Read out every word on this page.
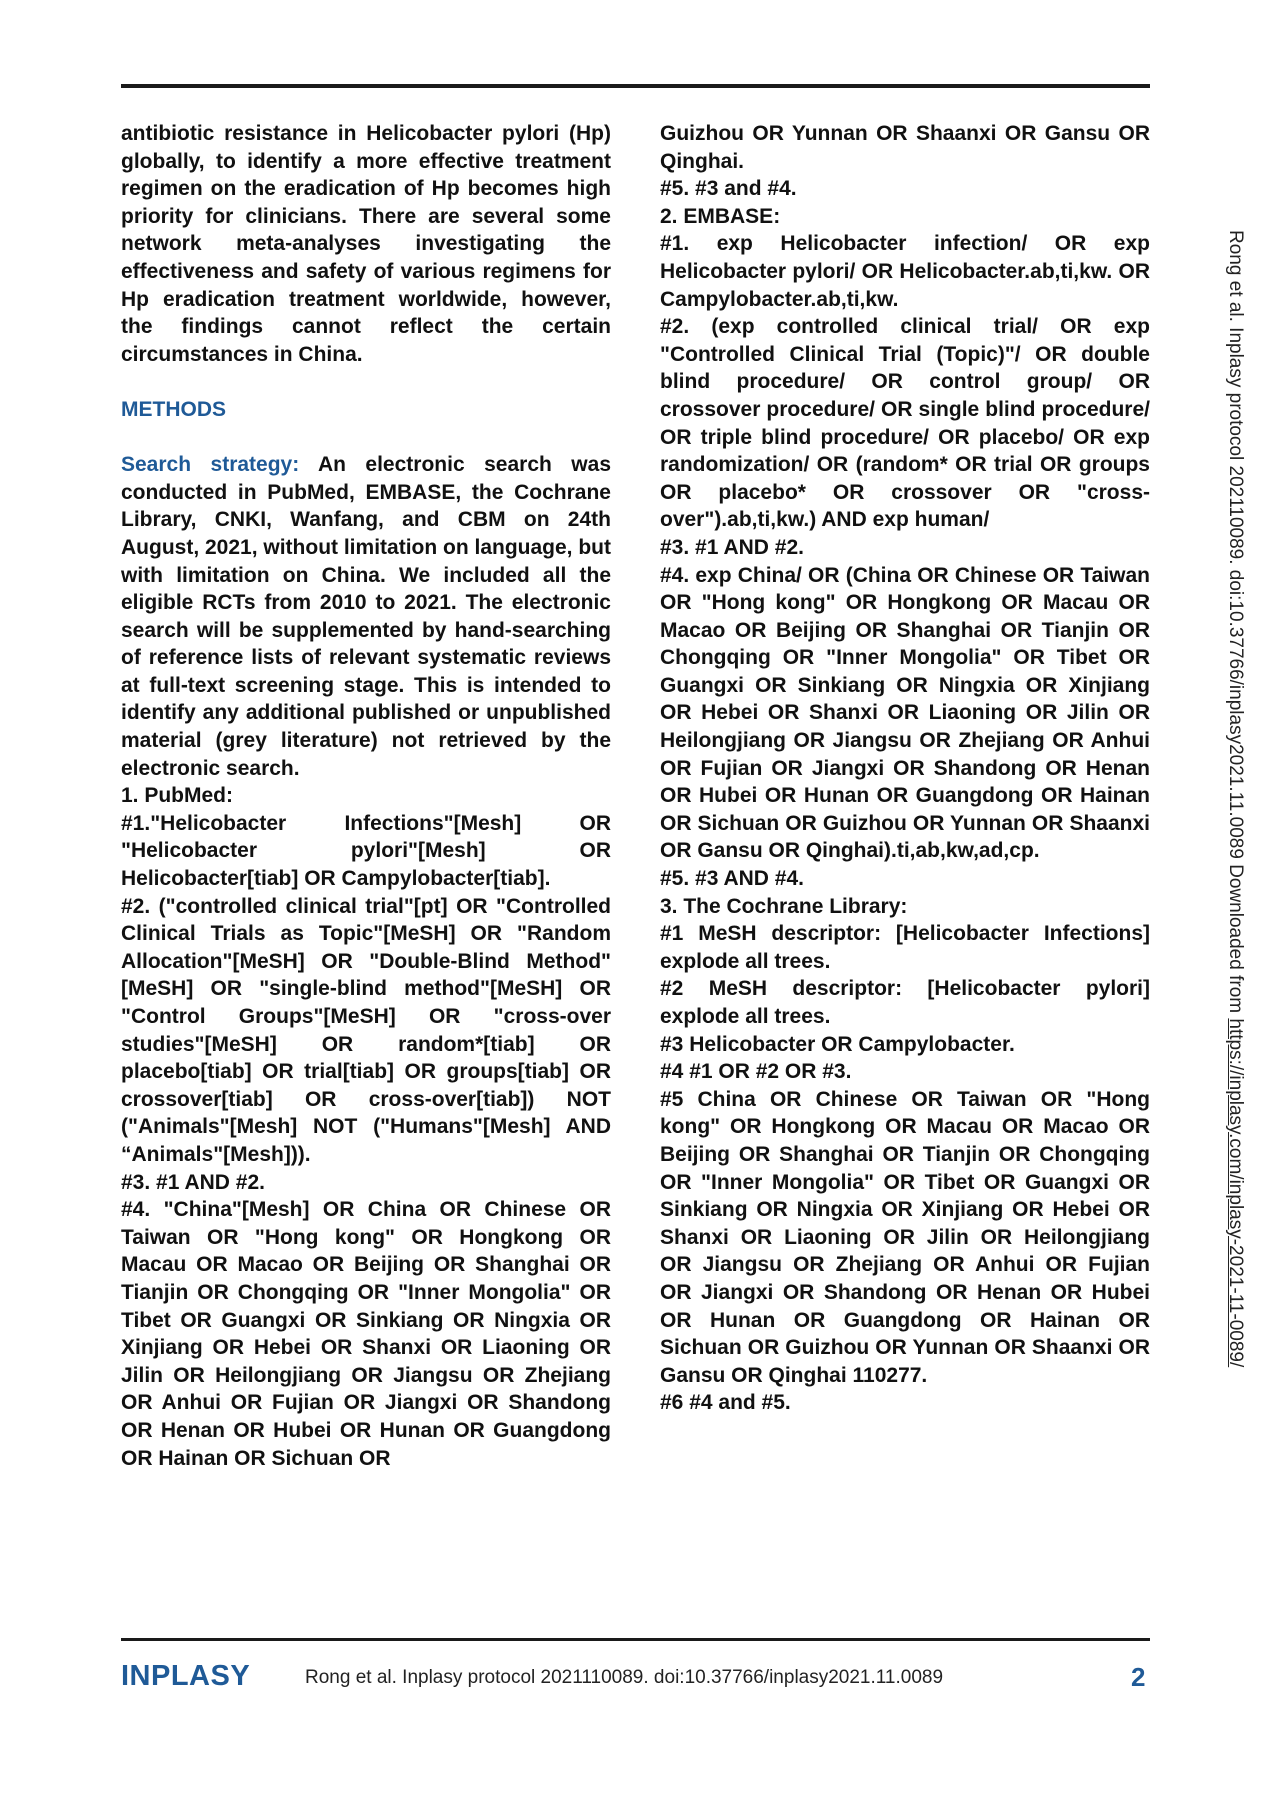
antibiotic resistance in Helicobacter pylori (Hp) globally, to identify a more effective treatment regimen on the eradication of Hp becomes high priority for clinicians. There are several some network meta-analyses investigating the effectiveness and safety of various regimens for Hp eradication treatment worldwide, however, the findings cannot reflect the certain circumstances in China.

METHODS

Search strategy: An electronic search was conducted in PubMed, EMBASE, the Cochrane Library, CNKI, Wanfang, and CBM on 24th August, 2021, without limitation on language, but with limitation on China. We included all the eligible RCTs from 2010 to 2021. The electronic search will be supplemented by hand-searching of reference lists of relevant systematic reviews at full-text screening stage. This is intended to identify any additional published or unpublished material (grey literature) not retrieved by the electronic search.

1. PubMed:

#1."Helicobacter Infections"[Mesh] OR "Helicobacter pylori"[Mesh] OR Helicobacter[tiab] OR Campylobacter[tiab].

#2. ("controlled clinical trial"[pt] OR "Controlled Clinical Trials as Topic"[MeSH] OR "Random Allocation"[MeSH] OR "Double-Blind Method"[MeSH] OR "single-blind method"[MeSH] OR "Control Groups"[MeSH] OR "cross-over studies"[MeSH] OR random*[tiab] OR placebo[tiab] OR trial[tiab] OR groups[tiab] OR crossover[tiab] OR cross-over[tiab]) NOT ("Animals"[Mesh] NOT ("Humans"[Mesh] AND “Animals"[Mesh])).

#3. #1 AND #2.

#4. "China"[Mesh] OR China OR Chinese OR Taiwan OR "Hong kong" OR Hongkong OR Macau OR Macao OR Beijing OR Shanghai OR Tianjin OR Chongqing OR "Inner Mongolia" OR Tibet OR Guangxi OR Sinkiang OR Ningxia OR Xinjiang OR Hebei OR Shanxi OR Liaoning OR Jilin OR Heilongjiang OR Jiangsu OR Zhejiang OR Anhui OR Fujian OR Jiangxi OR Shandong OR Henan OR Hubei OR Hunan OR Guangdong OR Hainan OR Sichuan OR

Guizhou OR Yunnan OR Shaanxi OR Gansu OR Qinghai.

#5. #3 and #4.

2. EMBASE:

#1. exp Helicobacter infection/ OR exp Helicobacter pylori/ OR Helicobacter.ab,ti,kw. OR Campylobacter.ab,ti,kw.

#2. (exp controlled clinical trial/ OR exp "Controlled Clinical Trial (Topic)"/ OR double blind procedure/ OR control group/ OR crossover procedure/ OR single blind procedure/ OR triple blind procedure/ OR placebo/ OR exp randomization/ OR (random* OR trial OR groups OR placebo* OR crossover OR "cross-over").ab,ti,kw.) AND exp human/

#3. #1 AND #2.

#4. exp China/ OR (China OR Chinese OR Taiwan OR "Hong kong" OR Hongkong OR Macau OR Macao OR Beijing OR Shanghai OR Tianjin OR Chongqing OR "Inner Mongolia" OR Tibet OR Guangxi OR Sinkiang OR Ningxia OR Xinjiang OR Hebei OR Shanxi OR Liaoning OR Jilin OR Heilongjiang OR Jiangsu OR Zhejiang OR Anhui OR Fujian OR Jiangxi OR Shandong OR Henan OR Hubei OR Hunan OR Guangdong OR Hainan OR Sichuan OR Guizhou OR Yunnan OR Shaanxi OR Gansu OR Qinghai).ti,ab,kw,ad,cp.

#5. #3 AND #4.

3. The Cochrane Library:

#1 MeSH descriptor: [Helicobacter Infections] explode all trees.

#2 MeSH descriptor: [Helicobacter pylori] explode all trees.

#3 Helicobacter OR Campylobacter.

#4 #1 OR #2 OR #3.

#5 China OR Chinese OR Taiwan OR "Hong kong" OR Hongkong OR Macau OR Macao OR Beijing OR Shanghai OR Tianjin OR Chongqing OR "Inner Mongolia" OR Tibet OR Guangxi OR Sinkiang OR Ningxia OR Xinjiang OR Hebei OR Shanxi OR Liaoning OR Jilin OR Heilongjiang OR Jiangsu OR Zhejiang OR Anhui OR Fujian OR Jiangxi OR Shandong OR Henan OR Hubei OR Hunan OR Guangdong OR Hainan OR Sichuan OR Guizhou OR Yunnan OR Shaanxi OR Gansu OR Qinghai 110277.

#6 #4 and #5.

Rong et al. Inplasy protocol 202110089. doi:10.37766/inplasy2021.11.0089 Downloaded from https://inplasy.com/inplasy-2021-11-0089/
INPLASY	Rong et al. Inplasy protocol 2021110089. doi:10.37766/inplasy2021.11.0089	2
